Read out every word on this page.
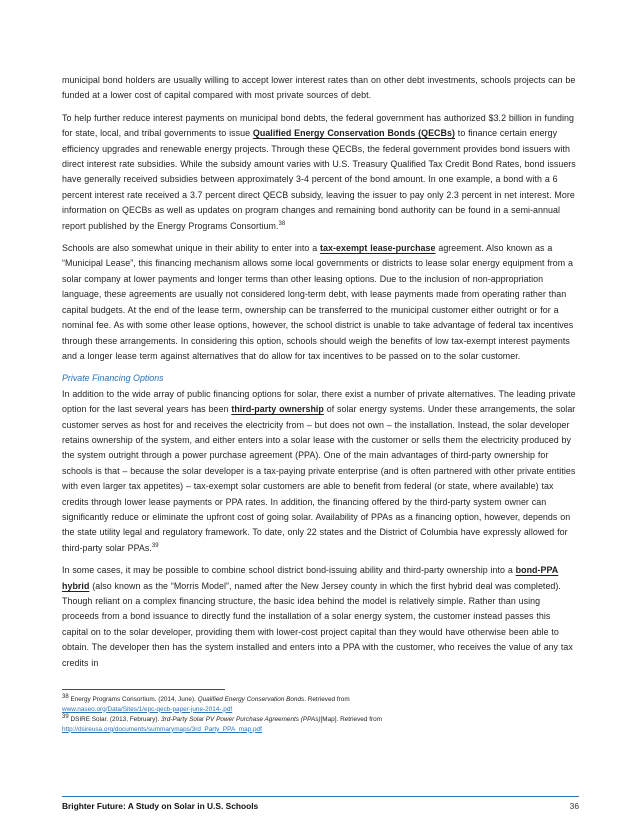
municipal bond holders are usually willing to accept lower interest rates than on other debt investments, schools projects can be funded at a lower cost of capital compared with most private sources of debt.

To help further reduce interest payments on municipal bond debts, the federal government has authorized $3.2 billion in funding for state, local, and tribal governments to issue Qualified Energy Conservation Bonds (QECBs) to finance certain energy efficiency upgrades and renewable energy projects. Through these QECBs, the federal government provides bond issuers with direct interest rate subsidies. While the subsidy amount varies with U.S. Treasury Qualified Tax Credit Bond Rates, bond issuers have generally received subsidies between approximately 3-4 percent of the bond amount. In one example, a bond with a 6 percent interest rate received a 3.7 percent direct QECB subsidy, leaving the issuer to pay only 2.3 percent in net interest. More information on QECBs as well as updates on program changes and remaining bond authority can be found in a semi-annual report published by the Energy Programs Consortium.$^{38}$

Schools are also somewhat unique in their ability to enter into a tax-exempt lease-purchase agreement. Also known as a “Municipal Lease”, this financing mechanism allows some local governments or districts to lease solar energy equipment from a solar company at lower payments and longer terms than other leasing options. Due to the inclusion of non-appropriation language, these agreements are usually not considered long-term debt, with lease payments made from operating rather than capital budgets. At the end of the lease term, ownership can be transferred to the municipal customer either outright or for a nominal fee. As with some other lease options, however, the school district is unable to take advantage of federal tax incentives through these arrangements. In considering this option, schools should weigh the benefits of low tax-exempt interest payments and a longer lease term against alternatives that do allow for tax incentives to be passed on to the solar customer.

Private Financing Options

In addition to the wide array of public financing options for solar, there exist a number of private alternatives. The leading private option for the last several years has been third-party ownership of solar energy systems. Under these arrangements, the solar customer serves as host for and receives the electricity from – but does not own – the installation. Instead, the solar developer retains ownership of the system, and either enters into a solar lease with the customer or sells them the electricity produced by the system outright through a power purchase agreement (PPA). One of the main advantages of third-party ownership for schools is that – because the solar developer is a tax-paying private enterprise (and is often partnered with other private entities with even larger tax appetites) – tax-exempt solar customers are able to benefit from federal (or state, where available) tax credits through lower lease payments or PPA rates. In addition, the financing offered by the third-party system owner can significantly reduce or eliminate the upfront cost of going solar. Availability of PPAs as a financing option, however, depends on the state utility legal and regulatory framework. To date, only 22 states and the District of Columbia have expressly allowed for third-party solar PPAs.$^{39}$

In some cases, it may be possible to combine school district bond-issuing ability and third-party ownership into a bond-PPA hybrid (also known as the “Morris Model”, named after the New Jersey county in which the first hybrid deal was completed). Though reliant on a complex financing structure, the basic idea behind the model is relatively simple. Rather than using proceeds from a bond issuance to directly fund the installation of a solar energy system, the customer instead passes this capital on to the solar developer, providing them with lower-cost project capital than they would have otherwise been able to obtain. The developer then has the system installed and enters into a PPA with the customer, who receives the value of any tax credits in

$^{38}$ Energy Programs Consortium. (2014, June). Qualified Energy Conservation Bonds. Retrieved from
www.naseo.org/Data/Sites/1/epc-qecb-paper-june-2014-.pdf
$^{39}$ DSIRE Solar. (2013, February). 3rd-Party Solar PV Power Purchase Agreements (PPAs)[Map]. Retrieved from
http://dsireusa.org/documents/summarymaps/3rd_Party_PPA_map.pdf
Brighter Future: A Study on Solar in U.S. Schools	36
